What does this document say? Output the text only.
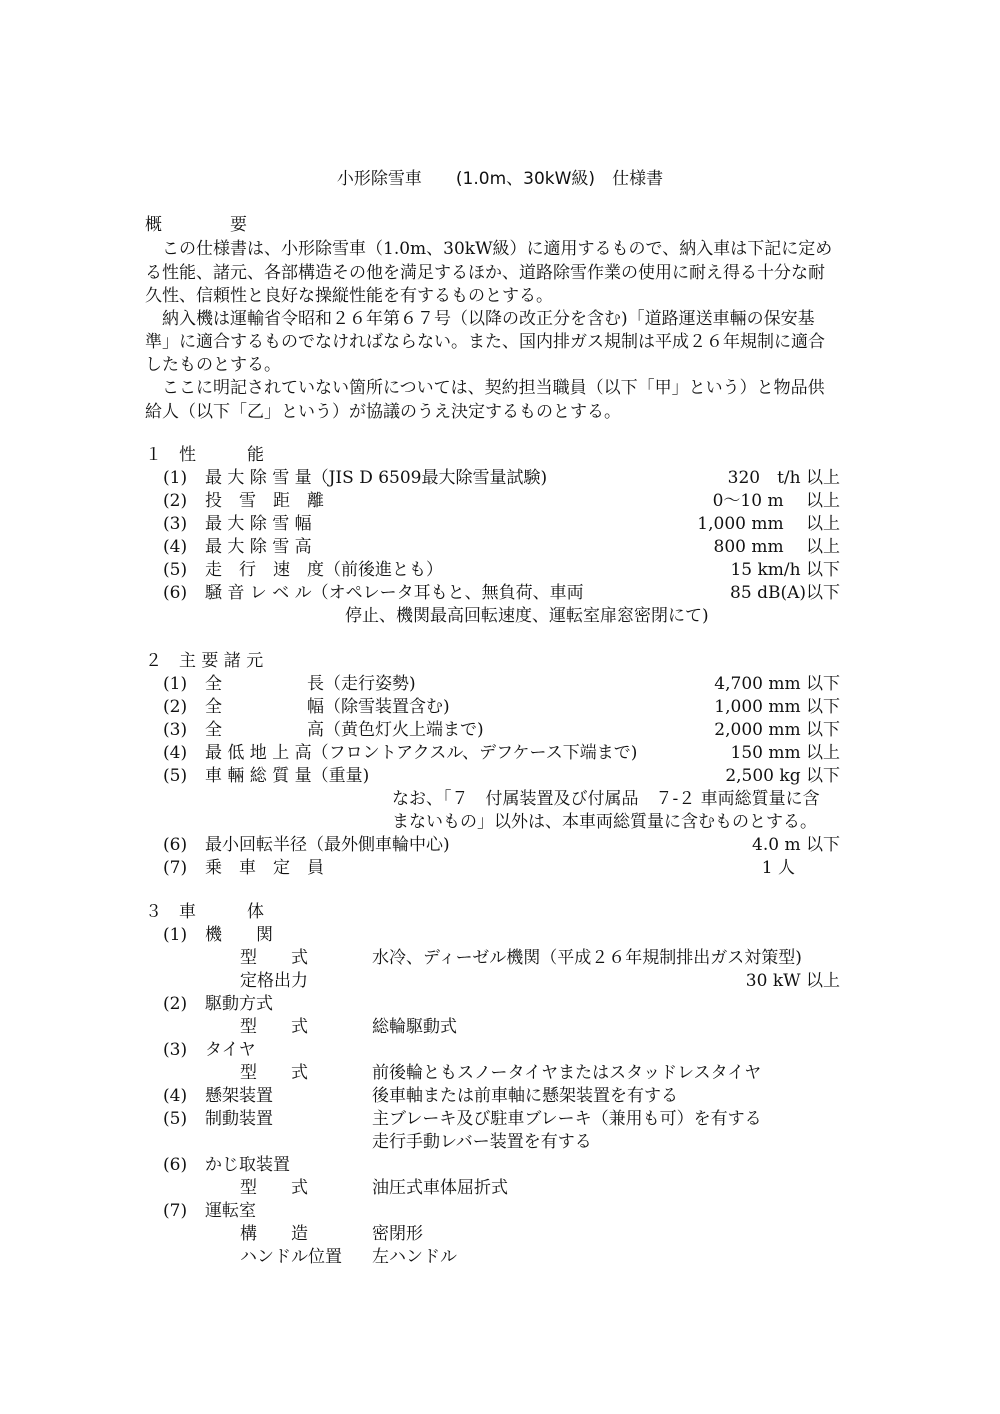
小形除雪車　　(1.0m、30kW級)　仕様書
概　　　　要
　この仕様書は、小形除雪車（1.0m、30kW級）に適用するもので、納入車は下記に定め
る性能、諸元、各部構造その他を満足するほか、道路除雪作業の使用に耐え得る十分な耐
久性、信頼性と良好な操縦性能を有するものとする。
　納入機は運輸省令昭和２６年第６７号（以降の改正分を含む)「道路運送車輛の保安基
準」に適合するものでなければならない。また、国内排ガス規制は平成２６年規制に適合
したものとする。
　ここに明記されていない箇所については、契約担当職員（以下「甲」という）と物品供
給人（以下「乙」という）が協議のうえ決定するものとする。
１　性　　　能
(1) 最 大 除 雪 量（JIS D 6509最大除雪量試験)	320　t/h 以上
(2) 投　雪　距　離	0〜10 m　 以上
(3) 最 大 除 雪 幅	1,000 mm　 以上
(4) 最 大 除 雪 高	800 mm　 以上
(5) 走　行　速　度（前後進とも）	15 km/h 以下
(6) 騒 音 レ ベ ル（オペレータ耳もと、無負荷、車両	85 dB(A)以下
停止、機関最高回転速度、運転室扉窓密閉にて)
２　主 要 諸 元
(1) 全　　　　　長（走行姿勢)	4,700 mm 以下
(2) 全　　　　　幅（除雪装置含む)	1,000 mm 以下
(3) 全　　　　　高（黄色灯火上端まで)	2,000 mm 以下
(4) 最 低 地 上 高（フロントアクスル、デフケース下端まで)	150 mm 以上
(5) 車 輛 総 質 量（重量)	2,500 kg 以下
なお、「７　付属装置及び付属品　７-２ 車両総質量に含
まないもの」以外は、本車両総質量に含むものとする。
(6) 最小回転半径（最外側車輪中心)	4.0 m 以下
(7) 乗　車　定　員	1 人
３　車　　　体
(1) 機　　関
型　　式	水冷、ディーゼル機関（平成２６年規制排出ガス対策型)
定格出力	30 kW 以上
(2) 駆動方式
型　　式	総輪駆動式
(3) タイヤ
型　　式	前後輪ともスノータイヤまたはスタッドレスタイヤ
(4) 懸架装置	後車軸または前車軸に懸架装置を有する
(5) 制動装置	主ブレーキ及び駐車ブレーキ（兼用も可）を有する
走行手動レバー装置を有する
(6) かじ取装置
型　　式	油圧式車体屈折式
(7) 運転室
構　　造	密閉形
ハンドル位置 左ハンドル
